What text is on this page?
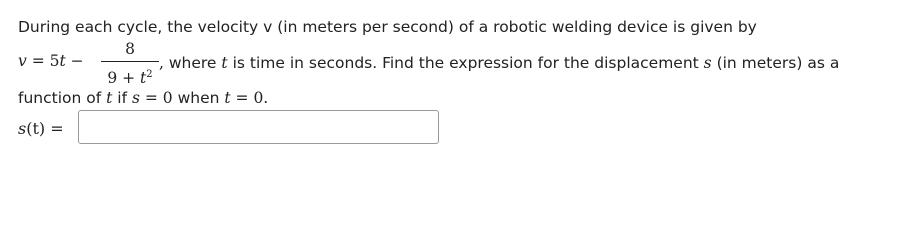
During each cycle, the velocity v (in meters per second) of a robotic welding device is given by
v = 5t −
8
$9 + t^2$
, where t is time in seconds. Find the expression for the displacement s (in meters) as a
function of t if s = 0 when t = 0.
s(t) =
